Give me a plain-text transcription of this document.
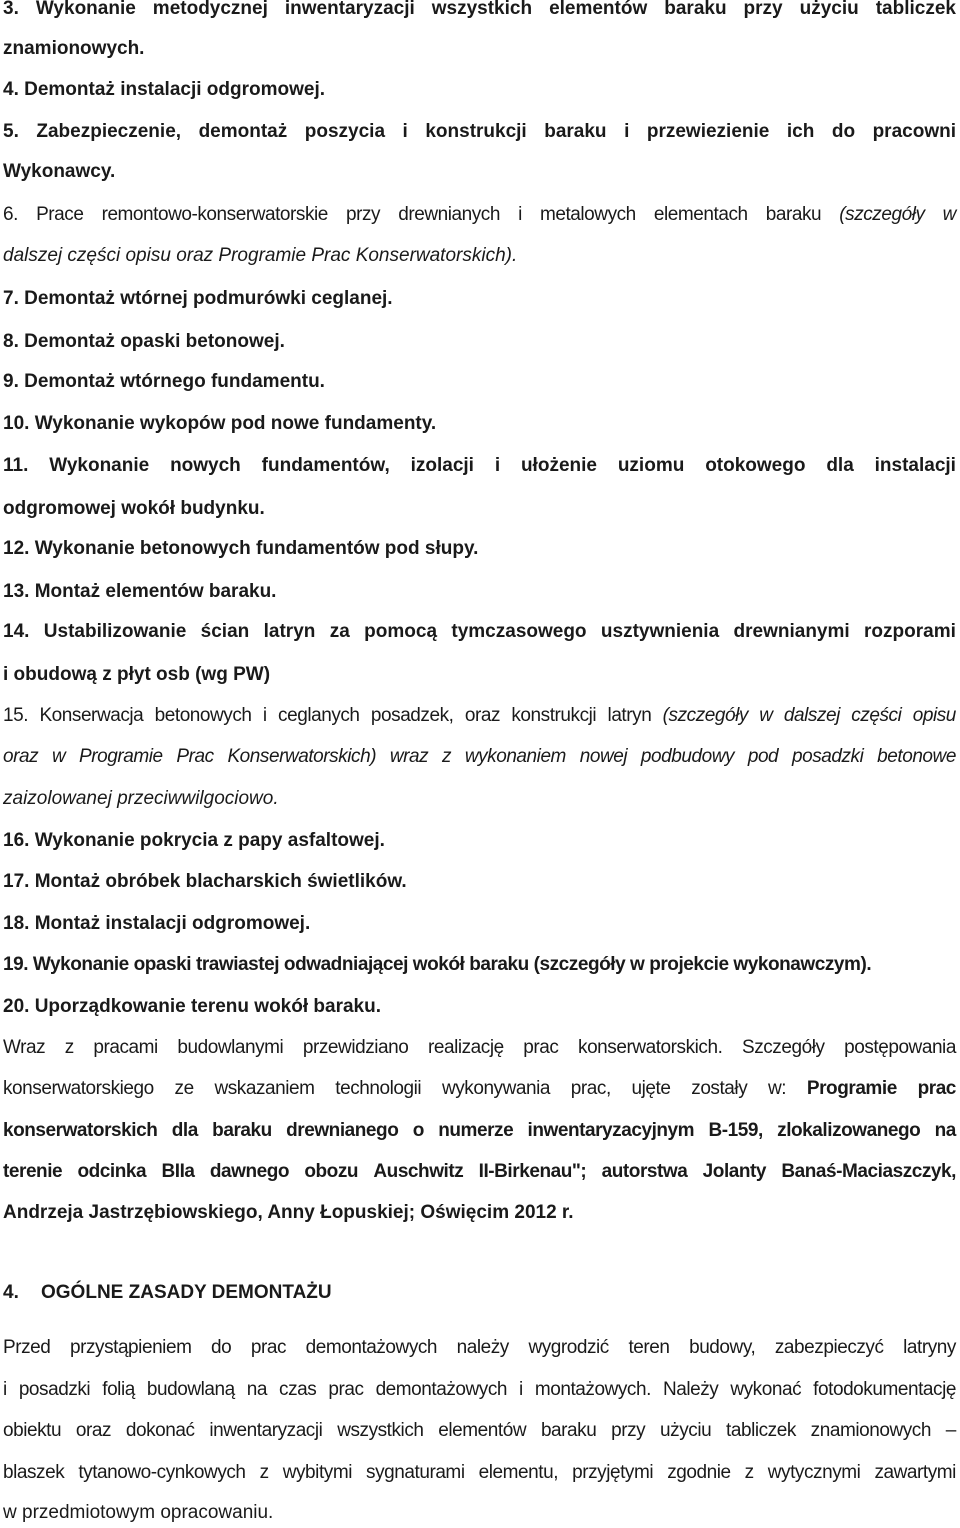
3. Wykonanie metodycznej inwentaryzacji wszystkich elementów baraku przy użyciu tabliczek
znamionowych.
4. Demontaż instalacji odgromowej.
5. Zabezpieczenie, demontaż poszycia i konstrukcji baraku i przewiezienie ich do pracowni
Wykonawcy.
6. Prace remontowo-konserwatorskie przy drewnianych i metalowych elementach baraku (szczegóły w
dalszej części opisu oraz Programie Prac Konserwatorskich).
7. Demontaż wtórnej podmurówki ceglanej.
8. Demontaż opaski betonowej.
9. Demontaż wtórnego fundamentu.
10. Wykonanie wykopów pod nowe fundamenty.
11. Wykonanie nowych fundamentów, izolacji i ułożenie uziomu otokowego dla instalacji
odgromowej wokół budynku.
12. Wykonanie betonowych fundamentów pod słupy.
13. Montaż elementów baraku.
14. Ustabilizowanie ścian latryn za pomocą tymczasowego usztywnienia drewnianymi rozporami
i obudową z płyt osb (wg PW)
15. Konserwacja betonowych i ceglanych posadzek, oraz konstrukcji latryn (szczegóły w dalszej części opisu
oraz w Programie Prac Konserwatorskich) wraz z wykonaniem nowej podbudowy pod posadzki betonowe
zaizolowanej przeciwwilgociowo.
16. Wykonanie pokrycia z papy asfaltowej.
17. Montaż obróbek blacharskich świetlików.
18. Montaż instalacji odgromowej.
19. Wykonanie opaski trawiastej odwadniającej wokół baraku (szczegóły w projekcie wykonawczym).
20. Uporządkowanie terenu wokół baraku.
Wraz z pracami budowlanymi przewidziano realizację prac konserwatorskich. Szczegóły postępowania
konserwatorskiego ze wskazaniem technologii wykonywania prac, ujęte zostały w: Programie prac
konserwatorskich dla baraku drewnianego o numerze inwentaryzacyjnym B-159, zlokalizowanego na
terenie odcinka BIIa dawnego obozu Auschwitz II-Birkenau"; autorstwa Jolanty Banaś-Maciaszczyk,
Andrzeja Jastrzębiowskiego, Anny Łopuskiej; Oświęcim 2012 r.
4. OGÓLNE ZASADY DEMONTAŻU
Przed przystąpieniem do prac demontażowych należy wygrodzić teren budowy, zabezpieczyć latryny
i posadzki folią budowlaną na czas prac demontażowych i montażowych. Należy wykonać fotodokumentację
obiektu oraz dokonać inwentaryzacji wszystkich elementów baraku przy użyciu tabliczek znamionowych –
blaszek tytanowo-cynkowych z wybitymi sygnaturami elementu, przyjętymi zgodnie z wytycznymi zawartymi
w przedmiotowym opracowaniu.
